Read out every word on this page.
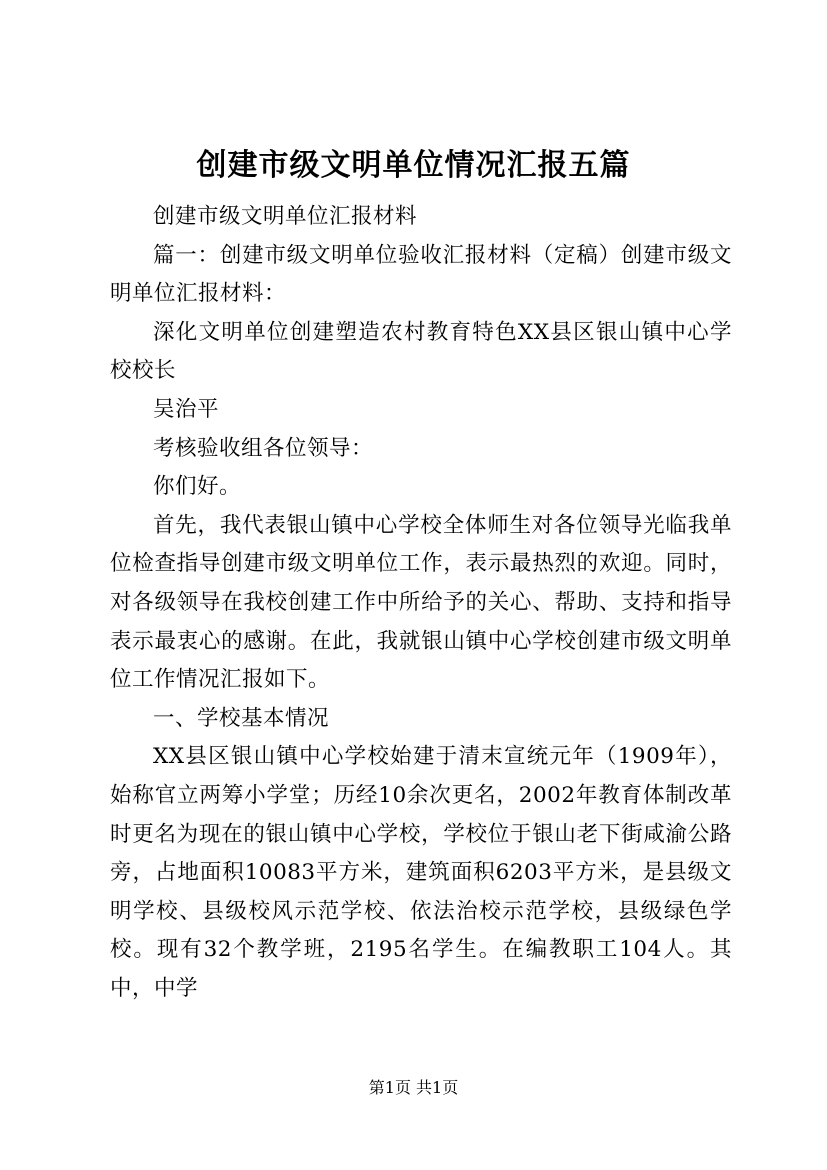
创建市级文明单位情况汇报五篇

创建市级文明单位汇报材料

篇一：创建市级文明单位验收汇报材料（定稿）创建市级文明单位汇报材料：

深化文明单位创建塑造农村教育特色XX县区银山镇中心学校校长

吴治平

考核验收组各位领导：

你们好。

首先，我代表银山镇中心学校全体师生对各位领导光临我单位检查指导创建市级文明单位工作，表示最热烈的欢迎。同时，对各级领导在我校创建工作中所给予的关心、帮助、支持和指导表示最衷心的感谢。在此，我就银山镇中心学校创建市级文明单位工作情况汇报如下。

一、学校基本情况

XX县区银山镇中心学校始建于清末宣统元年（1909年），始称官立两筹小学堂；历经10余次更名，2002年教育体制改革时更名为现在的银山镇中心学校，学校位于银山老下街咸渝公路旁，占地面积10083平方米，建筑面积6203平方米，是县级文明学校、县级校风示范学校、依法治校示范学校，县级绿色学校。现有32个教学班，2195名学生。在编教职工104人。其中，中学

第1页 共1页
